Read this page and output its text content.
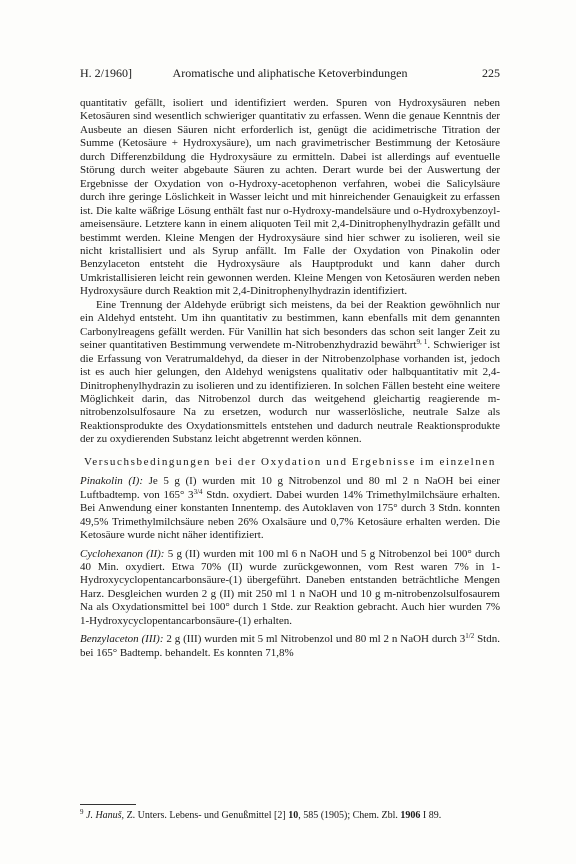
H. 2/1960]	Aromatische und aliphatische Ketoverbindungen	225

quantitativ gefällt, isoliert und identifiziert werden. Spuren von Hydroxysäuren neben Ketosäuren sind wesentlich schwieriger quantitativ zu erfassen. Wenn die genaue Kenntnis der Ausbeute an diesen Säuren nicht erforderlich ist, genügt die acidimetrische Titration der Summe (Ketosäure + Hydroxysäure), um nach gravimetrischer Bestimmung der Ketosäure durch Differenzbildung die Hydroxysäure zu ermitteln. Dabei ist allerdings auf eventuelle Störung durch weiter abgebaute Säuren zu achten. Derart wurde bei der Auswertung der Ergebnisse der Oxydation von o-Hydroxy-acetophenon verfahren, wobei die Salicylsäure durch ihre geringe Löslichkeit in Wasser leicht und mit hinreichender Genauigkeit zu erfassen ist. Die kalte wäßrige Lösung enthält fast nur o-Hydroxy-mandelsäure und o-Hydroxybenzoyl-ameisensäure. Letztere kann in einem aliquoten Teil mit 2,4-Dinitrophenylhydrazin gefällt und bestimmt werden. Kleine Mengen der Hydroxysäure sind hier schwer zu isolieren, weil sie nicht kristallisiert und als Syrup anfällt. Im Falle der Oxydation von Pinakolin oder Benzylaceton entsteht die Hydroxysäure als Hauptprodukt und kann daher durch Umkristallisieren leicht rein gewonnen werden. Kleine Mengen von Ketosäuren werden neben Hydroxysäure durch Reaktion mit 2,4-Dinitrophenylhydrazin identifiziert.

Eine Trennung der Aldehyde erübrigt sich meistens, da bei der Reaktion gewöhnlich nur ein Aldehyd entsteht. Um ihn quantitativ zu bestimmen, kann ebenfalls mit dem genannten Carbonylreagens gefällt werden. Für Vanillin hat sich besonders das schon seit langer Zeit zu seiner quantitativen Bestimmung verwendete m-Nitrobenzhydrazid bewährt$^{9, 1}$. Schwieriger ist die Erfassung von Veratrumaldehyd, da dieser in der Nitrobenzolphase vorhanden ist, jedoch ist es auch hier gelungen, den Aldehyd wenigstens qualitativ oder halbquantitativ mit 2,4-Dinitrophenylhydrazin zu isolieren und zu identifizieren. In solchen Fällen besteht eine weitere Möglichkeit darin, das Nitrobenzol durch das weitgehend gleichartig reagierende m-nitrobenzolsulfosaure Na zu ersetzen, wodurch nur wasserlösliche, neutrale Salze als Reaktionsprodukte des Oxydationsmittels entstehen und dadurch neutrale Reaktionsprodukte der zu oxydierenden Substanz leicht abgetrennt werden können.

Versuchsbedingungen bei der Oxydation und Ergebnisse im einzelnen

Pinakolin (I): Je 5 g (I) wurden mit 10 g Nitrobenzol und 80 ml 2 n NaOH bei einer Luftbadtemp. von 165° $3^{3/4}$ Stdn. oxydiert. Dabei wurden 14% Trimethylmilchsäure erhalten. Bei Anwendung einer konstanten Innentemp. des Autoklaven von 175° durch 3 Stdn. konnten 49,5% Trimethylmilchsäure neben 26% Oxalsäure und 0,7% Ketosäure erhalten werden. Die Ketosäure wurde nicht näher identifiziert.

Cyclohexanon (II): 5 g (II) wurden mit 100 ml 6 n NaOH und 5 g Nitrobenzol bei 100° durch 40 Min. oxydiert. Etwa 70% (II) wurde zurückgewonnen, vom Rest waren 7% in 1-Hydroxycyclopentancarbonsäure-(1) übergeführt. Daneben entstanden beträchtliche Mengen Harz. Desgleichen wurden 2 g (II) mit 250 ml 1 n NaOH und 10 g m-nitrobenzolsulfosaurem Na als Oxydationsmittel bei 100° durch 1 Stde. zur Reaktion gebracht. Auch hier wurden 7% 1-Hydroxycyclopentancarbonsäure-(1) erhalten.

Benzylaceton (III): 2 g (III) wurden mit 5 ml Nitrobenzol und 80 ml 2 n NaOH durch $3^{1/2}$ Stdn. bei 165° Badtemp. behandelt. Es konnten 71,8%

$^9$ J. Hanuš, Z. Unters. Lebens- und Genußmittel [2] 10, 585 (1905); Chem. Zbl. 1906 I 89.
